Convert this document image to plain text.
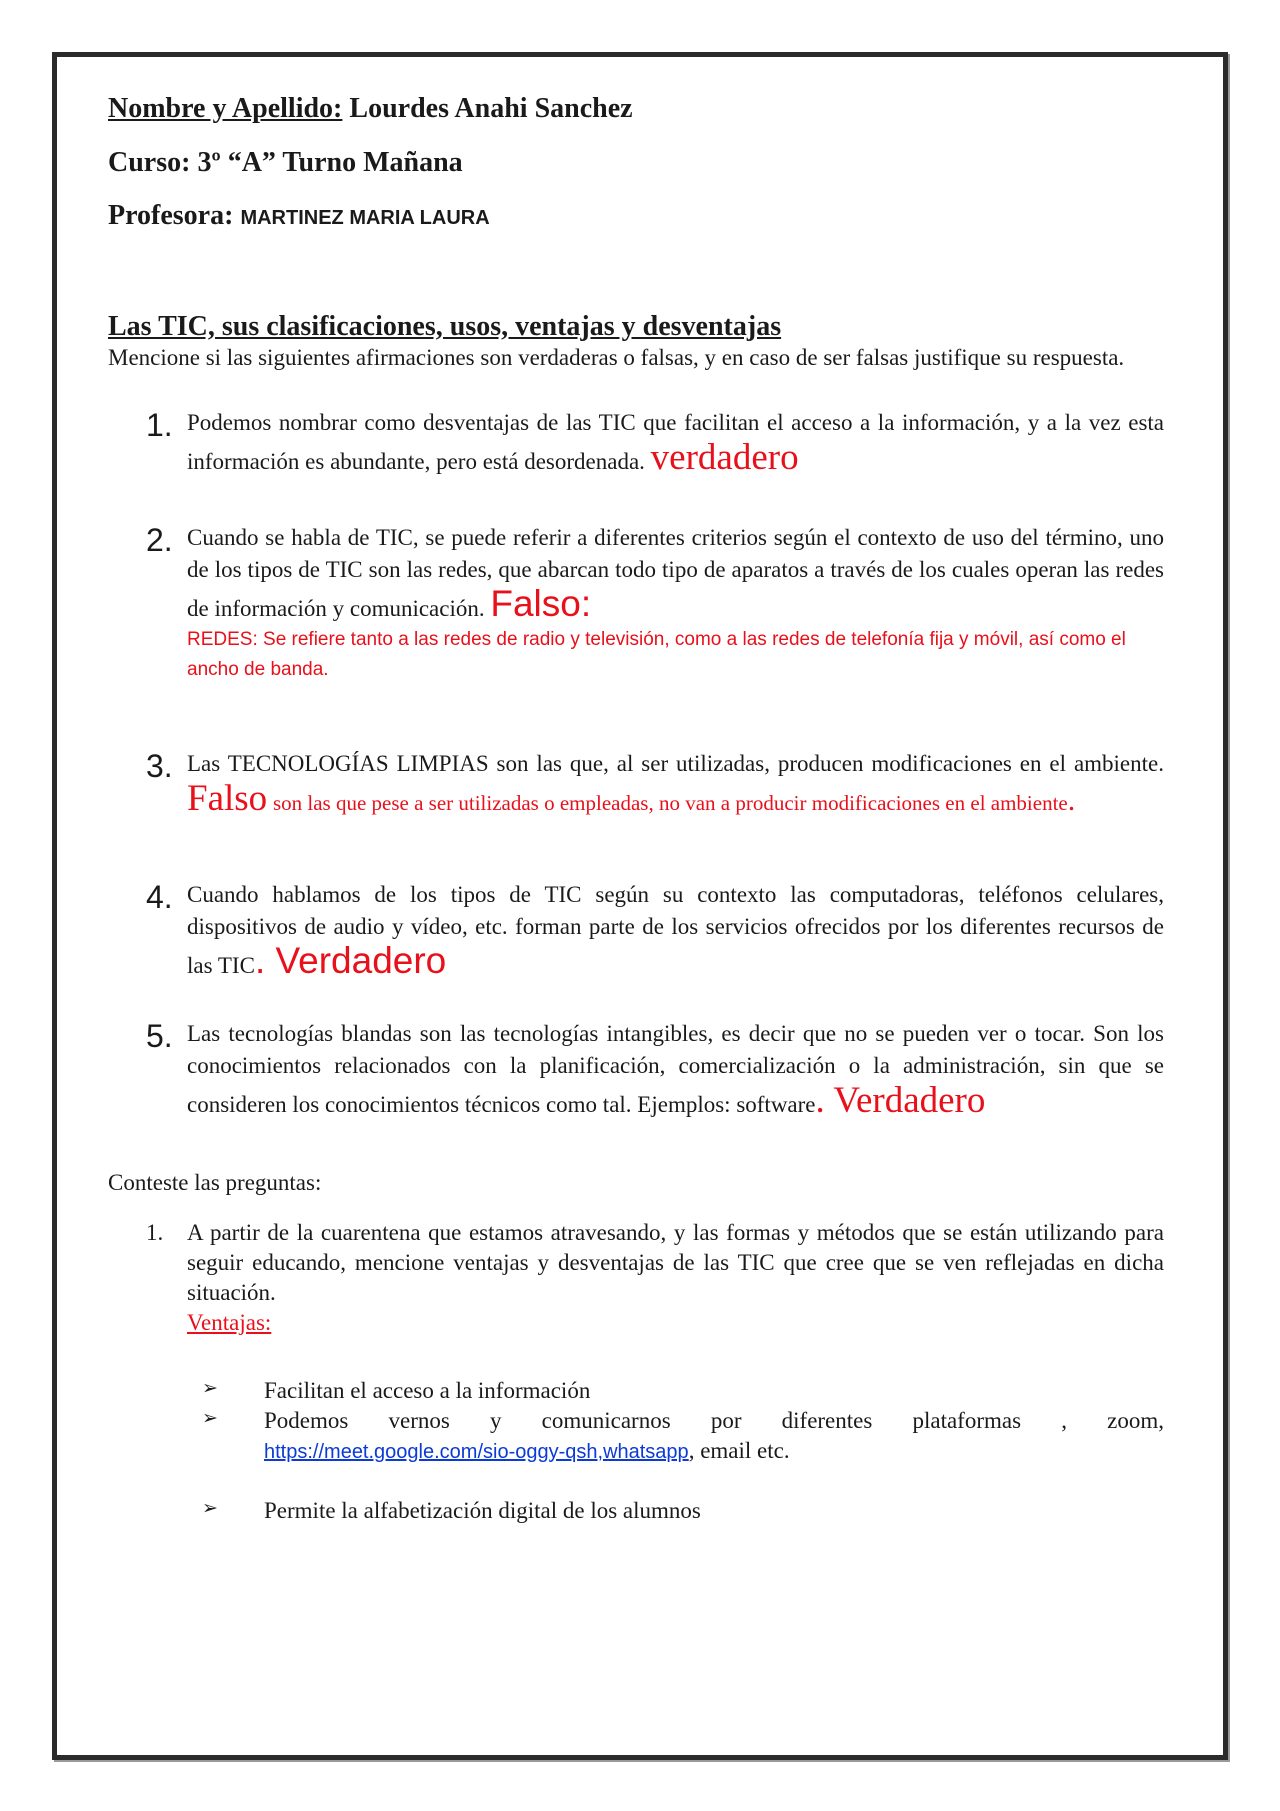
Nombre y Apellido: Lourdes Anahi Sanchez
Curso: 3º “A” Turno Mañana
Profesora: MARTINEZ MARIA LAURA
Las TIC, sus clasificaciones, usos, ventajas y desventajas

Mencione si las siguientes afirmaciones son verdaderas o falsas, y en caso de ser falsas justifique su respuesta.

1. Podemos nombrar como desventajas de las TIC que facilitan el acceso a la información, y a la vez esta información es abundante, pero está desordenada. verdadero
2. Cuando se habla de TIC, se puede referir a diferentes criterios según el contexto de uso del término, uno de los tipos de TIC son las redes, que abarcan todo tipo de aparatos a través de los cuales operan las redes de información y comunicación. Falso:
REDES: Se refiere tanto a las redes de radio y televisión, como a las redes de telefonía fija y móvil, así como el ancho de banda.
3. Las TECNOLOGÍAS LIMPIAS son las que, al ser utilizadas, producen modificaciones en el ambiente. Falso son las que pese a ser utilizadas o empleadas, no van a producir modificaciones en el ambiente.
4. Cuando hablamos de los tipos de TIC según su contexto las computadoras, teléfonos celulares, dispositivos de audio y vídeo, etc. forman parte de los servicios ofrecidos por los diferentes recursos de las TIC. Verdadero
5. Las tecnologías blandas son las tecnologías intangibles, es decir que no se pueden ver o tocar. Son los conocimientos relacionados con la planificación, comercialización o la administración, sin que se consideren los conocimientos técnicos como tal. Ejemplos: software. Verdadero
Conteste las preguntas:
1. A partir de la cuarentena que estamos atravesando, y las formas y métodos que se están utilizando para seguir educando, mencione ventajas y desventajas de las TIC que cree que se ven reflejadas en dicha situación.
Ventajas:
➢ Facilitan el acceso a la información
➢ Podemos vernos y comunicarnos por diferentes plataformas , zoom,
https://meet.google.com/sio-oggy-qsh,whatsapp, email etc.
➢ Permite la alfabetización digital de los alumnos
